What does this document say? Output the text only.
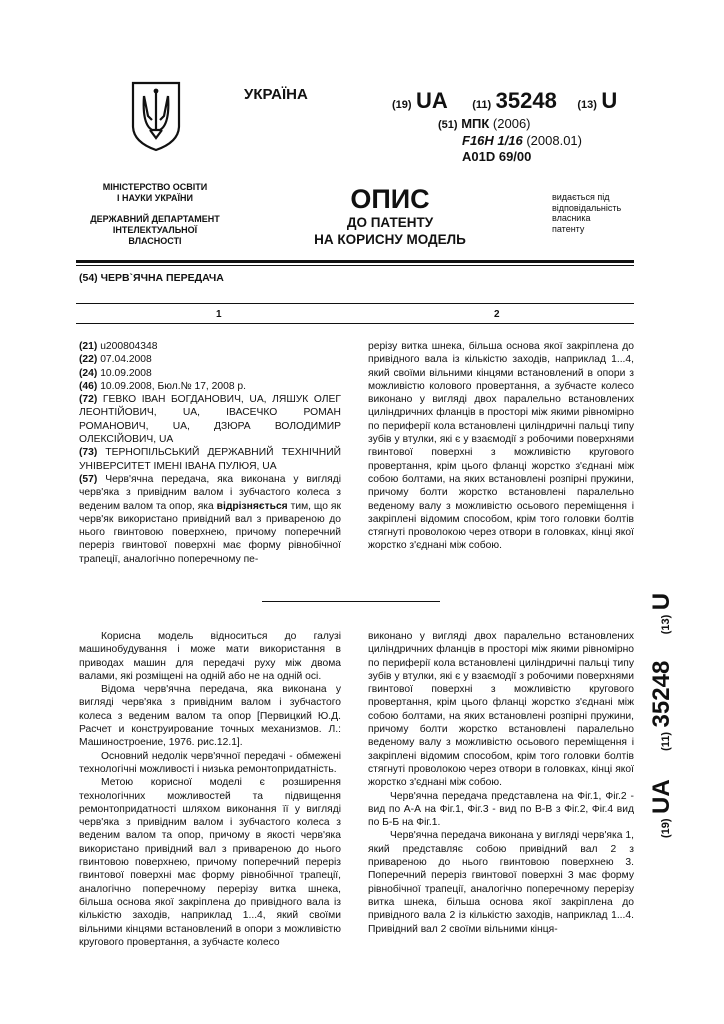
УКРАЇНА
(19) UA (11) 35248 (13) U
(51) МПК (2006)
F16H 1/16 (2008.01)
A01D 69/00
МІНІСТЕРСТВО ОСВІТИ
І НАУКИ УКРАЇНИ
ДЕРЖАВНИЙ ДЕПАРТАМЕНТ
ІНТЕЛЕКТУАЛЬНОЇ
ВЛАСНОСТІ
ОПИС
ДО ПАТЕНТУ
НА КОРИСНУ МОДЕЛЬ
видається під
відповідальність
власника
патенту
(54) ЧЕРВ`ЯЧНА ПЕРЕДАЧА
1	2

(21) u200804348

(22) 07.04.2008

(24) 10.09.2008

(46) 10.09.2008, Бюл.№ 17, 2008 р.

(72) ГЕВКО ІВАН БОГДАНОВИЧ, UA, ЛЯШУК ОЛЕГ ЛЕОНТІЙОВИЧ, UA, ІВАСЕЧКО РОМАН РОМАНОВИЧ, UA, ДЗЮРА ВОЛОДИМИР ОЛЕКСІЙОВИЧ, UA

(73) ТЕРНОПІЛЬСЬКИЙ ДЕРЖАВНИЙ ТЕХНІЧНИЙ УНІВЕРСИТЕТ ІМЕНІ ІВАНА ПУЛЮЯ, UA

(57) Черв'ячна передача, яка виконана у вигляді черв'яка з привідним валом і зубчастого колеса з веденим валом та опор, яка відрізняється тим, що як черв'як використано привідний вал з привареною до нього гвинтовою поверхнею, причому поперечний переріз гвинтової поверхні має форму рівнобічної трапеції, аналогічно поперечному пе-

рерізу витка шнека, більша основа якої закріплена до привідного вала із кількістю заходів, наприклад 1...4, який своїми вільними кінцями встановлений в опори з можливістю колового провертання, а зубчасте колесо виконано у вигляді двох паралельно встановлених циліндричних фланців в просторі між якими рівномірно по периферії кола встановлені циліндричні пальці типу зубів у втулки, які є у взаємодії з робочими поверхнями гвинтової поверхні з можливістю кругового провертання, крім цього фланці жорстко з'єднані між собою болтами, на яких встановлені розпірні пружини, причому болти жорстко встановлені паралельно веденому валу з можливістю осьового переміщення і закріплені відомим способом, крім того головки болтів стягнуті проволокою через отвори в головках, кінці якої жорстко з'єднані між собою.

Корисна модель відноситься до галузі машинобудування і може мати використання в приводах машин для передачі руху між двома валами, які розміщені на одній або не на одній осі.

Відома черв'ячна передача, яка виконана у вигляді черв'яка з привідним валом і зубчастого колеса з веденим валом та опор [Первицкий Ю.Д. Расчет и конструирование точных механизмов. Л.: Машиностроение, 1976. рис.12.1].

Основний недолік черв'ячної передачі - обмежені технологічні можливості і низька ремонтопридатність.

Метою корисної моделі є розширення технологічних можливостей та підвищення ремонтопридатності шляхом виконання її у вигляді черв'яка з привідним валом і зубчастого колеса з веденим валом та опор, причому в якості черв'яка використано привідний вал з привареною до нього гвинтовою поверхнею, причому поперечний переріз гвинтової поверхні має форму рівнобічної трапеції, аналогічно поперечному перерізу витка шнека, більша основа якої закріплена до привідного вала із кількістю заходів, наприклад 1...4, який своїми вільними кінцями встановлений в опори з можливістю кругового провертання, а зубчасте колесо

виконано у вигляді двох паралельно встановлених циліндричних фланців в просторі між якими рівномірно по периферії кола встановлені циліндричні пальці типу зубів у втулки, які є у взаємодії з робочими поверхнями гвинтової поверхні з можливістю кругового провертання, крім цього фланці жорстко з'єднані між собою болтами, на яких встановлені розпірні пружини, причому болти жорстко встановлені паралельно веденому валу з можливістю осьового переміщення і закріплені відомим способом, крім того головки болтів стягнуті проволокою через отвори в головках, кінці якої жорстко з'єднані між собою.

Черв'ячна передача представлена на Фіг.1, Фіг.2 - вид по А-А на Фіг.1, Фіг.3 - вид по В-В з Фіг.2, Фіг.4 вид по Б-Б на Фіг.1.

Черв'ячна передача виконана у вигляді черв'яка 1, який представляє собою привідний вал 2 з привареною до нього гвинтовою поверхнею 3. Поперечний переріз гвинтової поверхні 3 має форму рівнобічної трапеції, аналогічно поперечному перерізу витка шнека, більша основа якої закріплена до привідного вала 2 із кількістю заходів, наприклад 1...4. Привідний вал 2 своїми вільними кінця-

(19) UA (11) 35248 (13) U
